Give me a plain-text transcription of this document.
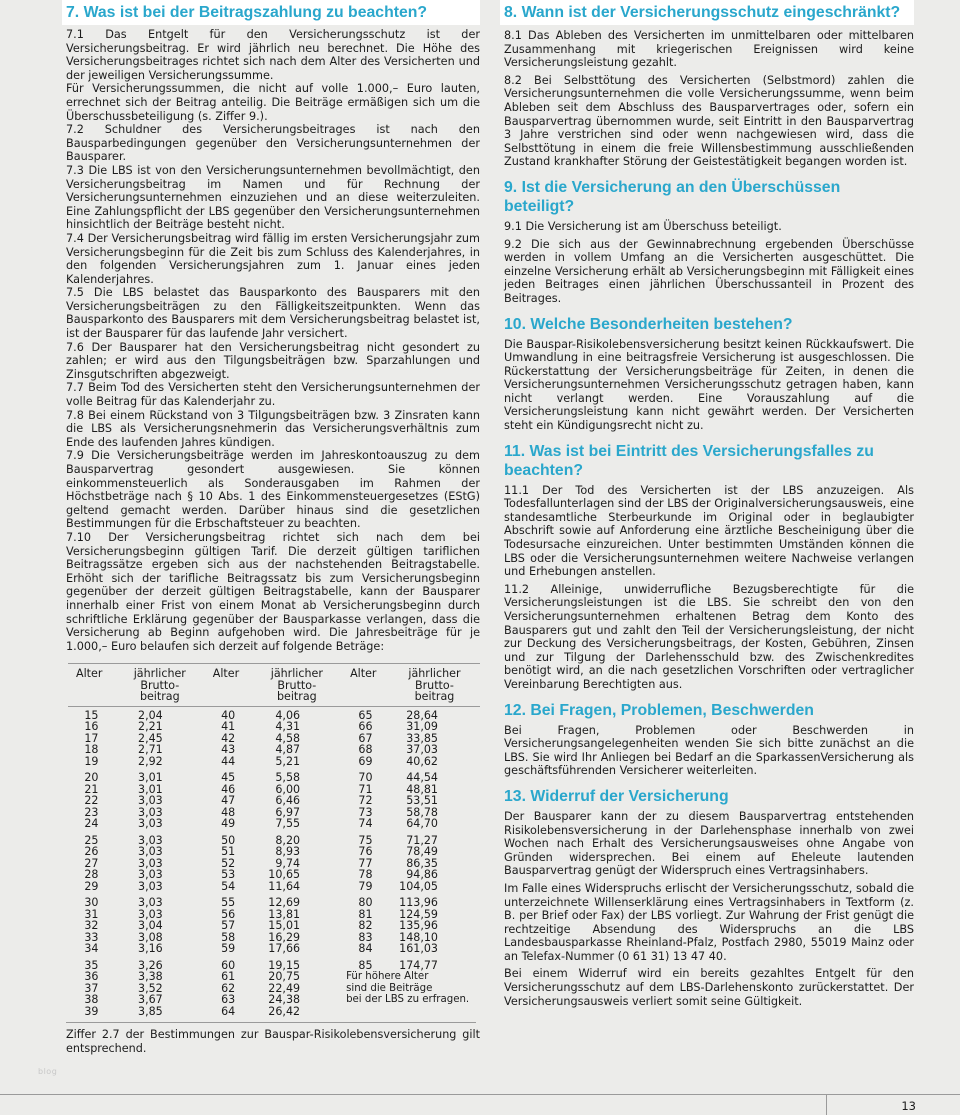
7. Was ist bei der Beitragszahlung zu beachten?

7.1 Das Entgelt für den Versicherungsschutz ist der Versicherungsbeitrag. Er wird jährlich neu berechnet. Die Höhe des Versicherungsbeitrages richtet sich nach dem Alter des Versicherten und der jeweiligen Versicherungssumme.

Für Versicherungssummen, die nicht auf volle 1.000,– Euro lauten, errechnet sich der Beitrag anteilig. Die Beiträge ermäßigen sich um die Überschussbeteiligung (s. Ziffer 9.).

7.2 Schuldner des Versicherungsbeitrages ist nach den Bausparbedingungen gegenüber den Versicherungsunternehmen der Bausparer.

7.3 Die LBS ist von den Versicherungsunternehmen bevollmächtigt, den Versicherungsbeitrag im Namen und für Rechnung der Versicherungsunternehmen einzuziehen und an diese weiterzuleiten. Eine Zahlungspflicht der LBS gegenüber den Versicherungsunternehmen hinsichtlich der Beiträge besteht nicht.

7.4 Der Versicherungsbeitrag wird fällig im ersten Versicherungsjahr zum Versicherungsbeginn für die Zeit bis zum Schluss des Kalenderjahres, in den folgenden Versicherungsjahren zum 1. Januar eines jeden Kalenderjahres.

7.5 Die LBS belastet das Bausparkonto des Bausparers mit den Versicherungsbeiträgen zu den Fälligkeitszeitpunkten. Wenn das Bausparkonto des Bausparers mit dem Versicherungsbeitrag belastet ist, ist der Bausparer für das laufende Jahr versichert.

7.6 Der Bausparer hat den Versicherungsbeitrag nicht gesondert zu zahlen; er wird aus den Tilgungsbeiträgen bzw. Sparzahlungen und Zinsgutschriften abgezweigt.

7.7 Beim Tod des Versicherten steht den Versicherungsunternehmen der volle Beitrag für das Kalenderjahr zu.

7.8 Bei einem Rückstand von 3 Tilgungsbeiträgen bzw. 3 Zinsraten kann die LBS als Versicherungsnehmerin das Versicherungsverhältnis zum Ende des laufenden Jahres kündigen.

7.9 Die Versicherungsbeiträge werden im Jahreskontoauszug zu dem Bausparvertrag gesondert ausgewiesen. Sie können einkommensteuerlich als Sonderausgaben im Rahmen der Höchstbeträge nach § 10 Abs. 1 des Einkommensteuergesetzes (EStG) geltend gemacht werden. Darüber hinaus sind die gesetzlichen Bestimmungen für die Erbschaftsteuer zu beachten.

7.10 Der Versicherungsbeitrag richtet sich nach dem bei Versicherungsbeginn gültigen Tarif. Die derzeit gültigen tariflichen Beitragssätze ergeben sich aus der nachstehenden Beitragstabelle. Erhöht sich der tarifliche Beitragssatz bis zum Versicherungsbeginn gegenüber der derzeit gültigen Beitragstabelle, kann der Bausparer innerhalb einer Frist von einem Monat ab Versicherungsbeginn durch schriftliche Erklärung gegenüber der Bausparkasse verlangen, dass die Versicherung ab Beginn aufgehoben wird. Die Jahresbeiträge für je 1.000,– Euro belaufen sich derzeit auf folgende Beträge:

Alter	jährlicher
Brutto-
beitrag	Alter	jährlicher
Brutto-
beitrag	Alter	jährlicher
Brutto-
beitrag
15	2,04	40	4,06	65	28,64
16	2,21	41	4,31	66	31,09
17	2,45	42	4,58	67	33,85
18	2,71	43	4,87	68	37,03
19	2,92	44	5,21	69	40,62
20	3,01	45	5,58	70	44,54
21	3,01	46	6,00	71	48,81
22	3,03	47	6,46	72	53,51
23	3,03	48	6,97	73	58,78
24	3,03	49	7,55	74	64,70
25	3,03	50	8,20	75	71,27
26	3,03	51	8,93	76	78,49
27	3,03	52	9,74	77	86,35
28	3,03	53	10,65	78	94,86
29	3,03	54	11,64	79	104,05
30	3,03	55	12,69	80	113,96
31	3,03	56	13,81	81	124,59
32	3,04	57	15,01	82	135,96
33	3,08	58	16,29	83	148,10
34	3,16	59	17,66	84	161,03
35	3,26	60	19,15	85	174,77
36	3,38	61	20,75	Für höhere Alter	
37	3,52	62	22,49	sind die Beiträge	
38	3,67	63	24,38	bei der LBS zu erfragen.	
39	3,85	64	26,42		

Ziffer 2.7 der Bestimmungen zur Bauspar-Risikolebensversicherung gilt entsprechend.

8. Wann ist der Versicherungsschutz eingeschränkt?

8.1 Das Ableben des Versicherten im unmittelbaren oder mittelbaren Zusammenhang mit kriegerischen Ereignissen wird keine Versicherungsleistung gezahlt.

8.2 Bei Selbsttötung des Versicherten (Selbstmord) zahlen die Versicherungsunternehmen die volle Versicherungssumme, wenn beim Ableben seit dem Abschluss des Bausparvertrages oder, sofern ein Bausparvertrag übernommen wurde, seit Eintritt in den Bausparvertrag 3 Jahre verstrichen sind oder wenn nachgewiesen wird, dass die Selbsttötung in einem die freie Willensbestimmung ausschließenden Zustand krankhafter Störung der Geistestätigkeit begangen worden ist.

9. Ist die Versicherung an den Überschüssen beteiligt?

9.1 Die Versicherung ist am Überschuss beteiligt.

9.2 Die sich aus der Gewinnabrechnung ergebenden Überschüsse werden in vollem Umfang an die Versicherten ausgeschüttet. Die einzelne Versicherung erhält ab Versicherungsbeginn mit Fälligkeit eines jeden Beitrages einen jährlichen Überschussanteil in Prozent des Beitrages.

10. Welche Besonderheiten bestehen?

Die Bauspar-Risikolebensversicherung besitzt keinen Rückkaufswert. Die Umwandlung in eine beitragsfreie Versicherung ist ausgeschlossen. Die Rückerstattung der Versicherungsbeiträge für Zeiten, in denen die Versicherungsunternehmen Versicherungsschutz getragen haben, kann nicht verlangt werden. Eine Vorauszahlung auf die Versicherungsleistung kann nicht gewährt werden. Der Versicherten steht ein Kündigungsrecht nicht zu.

11. Was ist bei Eintritt des Versicherungsfalles zu beachten?

11.1 Der Tod des Versicherten ist der LBS anzuzeigen. Als Todesfallunterlagen sind der LBS der Originalversicherungsausweis, eine standesamtliche Sterbeurkunde im Original oder in beglaubigter Abschrift sowie auf Anforderung eine ärztliche Bescheinigung über die Todesursache einzureichen. Unter bestimmten Umständen können die LBS oder die Versicherungsunternehmen weitere Nachweise verlangen und Erhebungen anstellen.

11.2 Alleinige, unwiderrufliche Bezugsberechtigte für die Versicherungsleistungen ist die LBS. Sie schreibt den von den Versicherungsunternehmen erhaltenen Betrag dem Konto des Bausparers gut und zahlt den Teil der Versicherungsleistung, der nicht zur Deckung des Versicherungsbeitrags, der Kosten, Gebühren, Zinsen und zur Tilgung der Darlehensschuld bzw. des Zwischenkredites benötigt wird, an die nach gesetzlichen Vorschriften oder vertraglicher Vereinbarung Berechtigten aus.

12. Bei Fragen, Problemen, Beschwerden

Bei Fragen, Problemen oder Beschwerden in Versicherungsangelegenheiten wenden Sie sich bitte zunächst an die LBS. Sie wird Ihr Anliegen bei Bedarf an die SparkassenVersicherung als geschäftsführenden Versicherer weiterleiten.

13. Widerruf der Versicherung

Der Bausparer kann der zu diesem Bausparvertrag entstehenden Risikolebensversicherung in der Darlehensphase innerhalb von zwei Wochen nach Erhalt des Versicherungsausweises ohne Angabe von Gründen widersprechen. Bei einem auf Eheleute lautenden Bausparvertrag genügt der Widerspruch eines Vertragsinhabers.

Im Falle eines Widerspruchs erlischt der Versicherungsschutz, sobald die unterzeichnete Willenserklärung eines Vertragsinhabers in Textform (z. B. per Brief oder Fax) der LBS vorliegt. Zur Wahrung der Frist genügt die rechtzeitige Absendung des Widerspruchs an die LBS Landesbausparkasse Rheinland-Pfalz, Postfach 2980, 55019 Mainz oder an Telefax-Nummer (0 61 31) 13 47 40.

Bei einem Widerruf wird ein bereits gezahltes Entgelt für den Versicherungsschutz auf dem LBS-Darlehenskonto zurückerstattet. Der Versicherungsausweis verliert somit seine Gültigkeit.

blog
13
